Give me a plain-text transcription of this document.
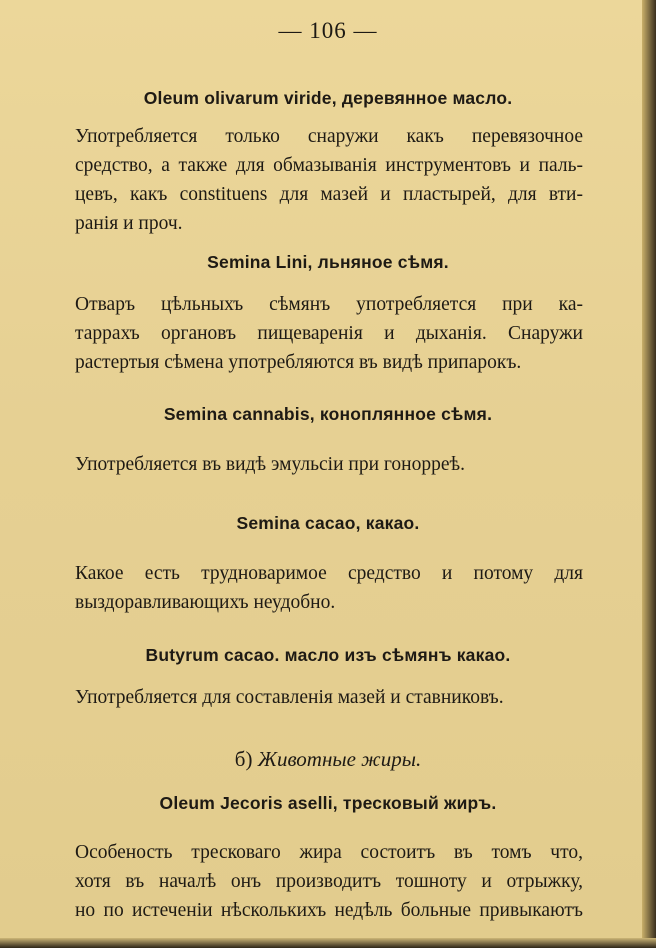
— 106 —
Oleum olivarum viride, деревянное масло.
Употребляется только снаружи какъ перевязочное
средство, а также для обмазыванія инструментовъ и паль-
цевъ, какъ constituens для мазей и пластырей, для вти-
ранія и проч.
Semina Lini, льняное сѣмя.
Отваръ цѣльныхъ сѣмянъ употребляется при ка-
таррахъ органовъ пищеваренія и дыханія. Снаружи
растертыя сѣмена употребляются въ видѣ припарокъ.
Semina cannabis, коноплянное сѣмя.
Употребляется въ видѣ эмульсіи при гонорреѣ.
Semina cacao, какао.
Какое есть трудноваримое средство и потому для
выздоравливающихъ неудобно.
Butyrum cacao. масло изъ сѣмянъ какао.
Употребляется для составленія мазей и ставниковъ.
б) Животные жиры.
Oleum Jecoris aselli, тресковый жиръ.
Особеность тресковаго жира состоитъ въ томъ что,
хотя въ началѣ онъ производитъ тошноту и отрыжку,
но по истеченіи нѣсколькихъ недѣль больные привыкаютъ
